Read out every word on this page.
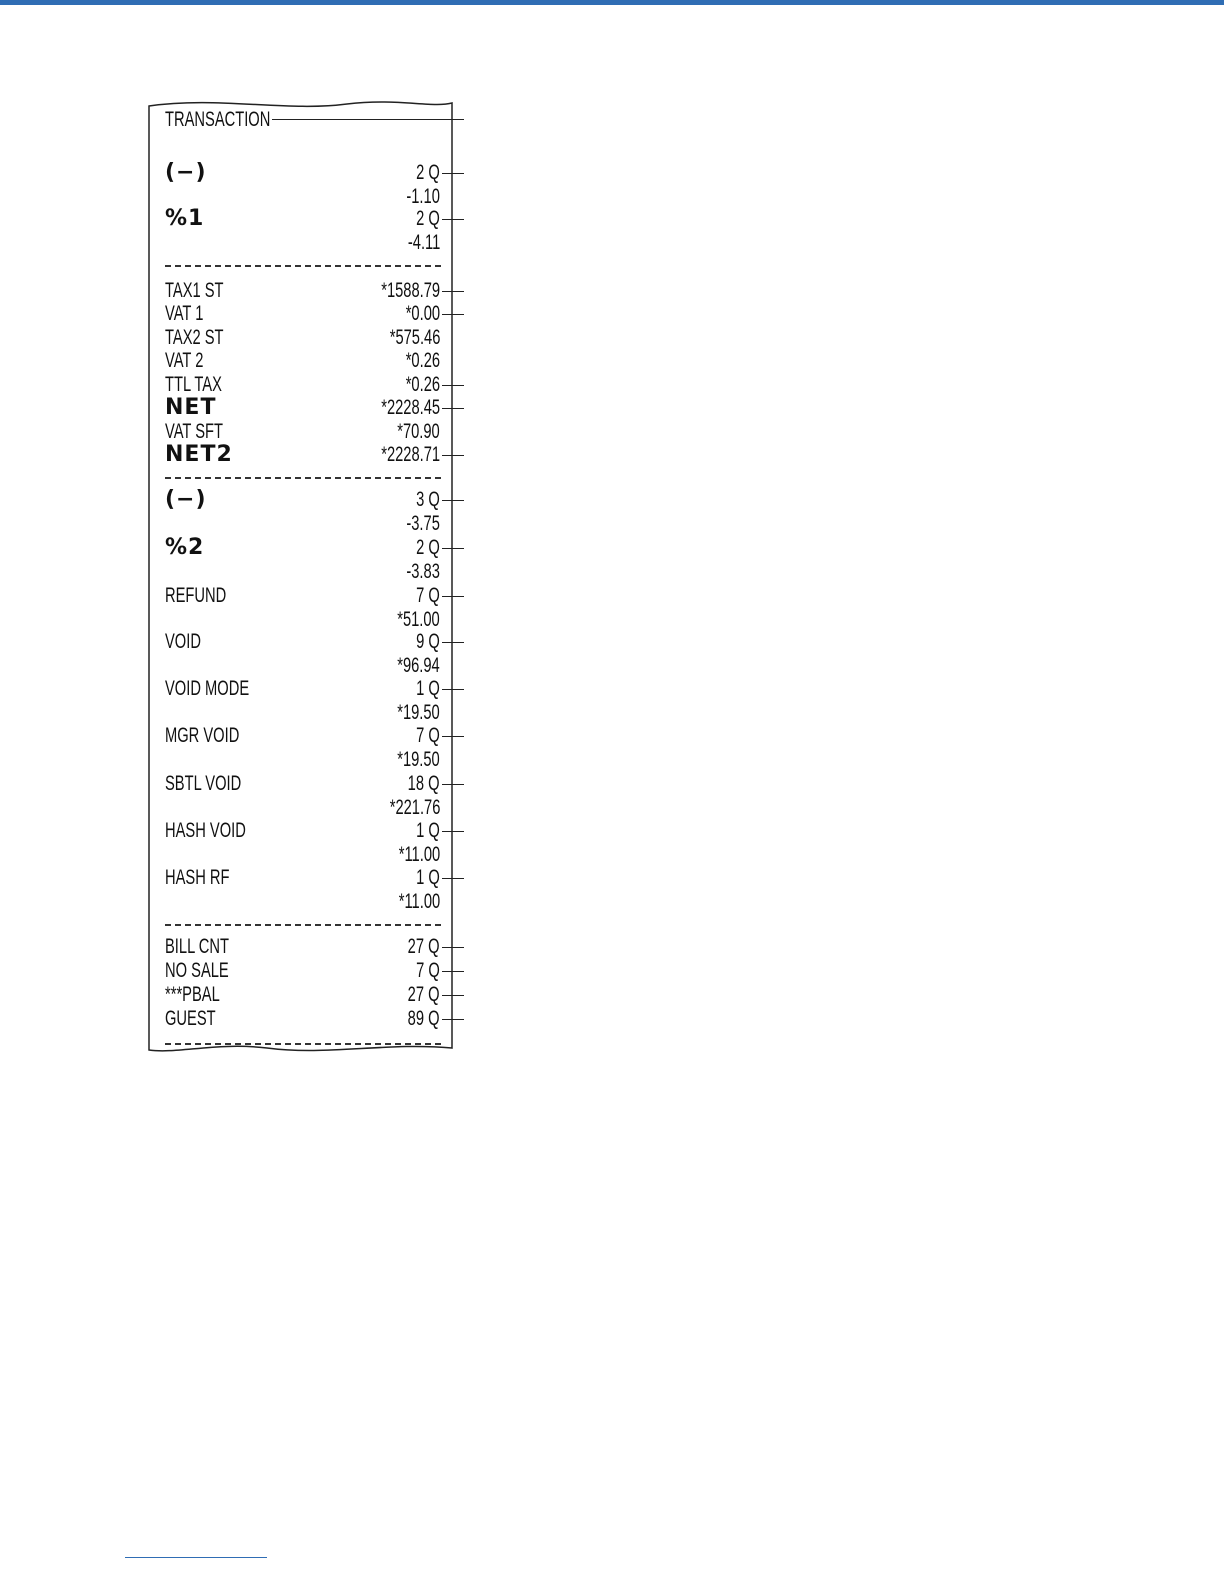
TRANSACTION
(−)	2 Q
-1.10
%1	2 Q
-4.11
TAX1 ST	*1588.79
VAT 1	*0.00
TAX2 ST	*575.46
VAT 2	*0.26
TTL TAX	*0.26
NET	*2228.45
VAT SFT	*70.90
NET2	*2228.71
(−)	3 Q
-3.75
%2	2 Q
-3.83
REFUND	7 Q
*51.00
VOID	9 Q
*96.94
VOID MODE	1 Q
*19.50
MGR VOID	7 Q
*19.50
SBTL VOID	18 Q
*221.76
HASH VOID	1 Q
*11.00
HASH RF	1 Q
*11.00
BILL CNT	27 Q
NO SALE	7 Q
***PBAL	27 Q
GUEST	89 Q
